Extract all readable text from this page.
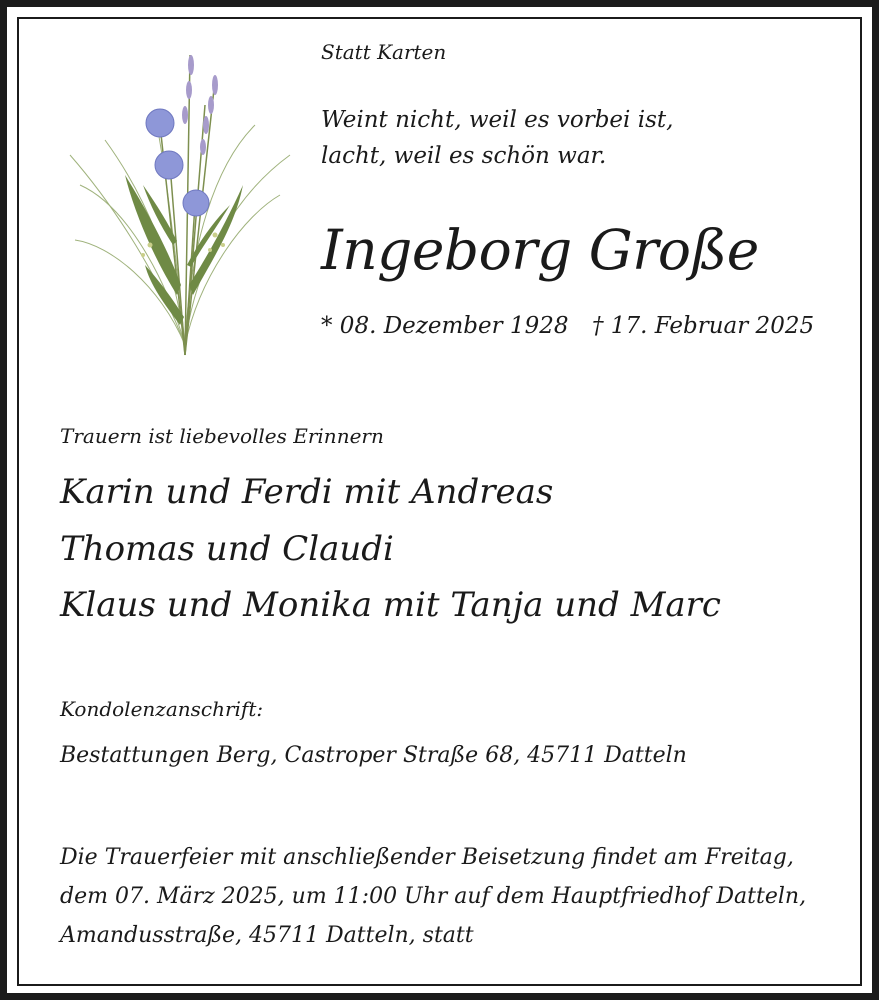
Statt Karten

Weint nicht, weil es vorbei ist,

lacht, weil es schön war.

Ingeborg Große

* 08. Dezember 1928 † 17. Februar 2025

Trauern ist liebevolles Erinnern

Karin und Ferdi mit Andreas

Thomas und Claudi

Klaus und Monika mit Tanja und Marc

Kondolenzanschrift:

Bestattungen Berg, Castroper Straße 68, 45711 Datteln

Die Trauerfeier mit anschließender Beisetzung findet am Freitag,

dem 07. März 2025, um 11:00 Uhr auf dem Hauptfriedhof Datteln,

Amandusstraße, 45711 Datteln, statt
